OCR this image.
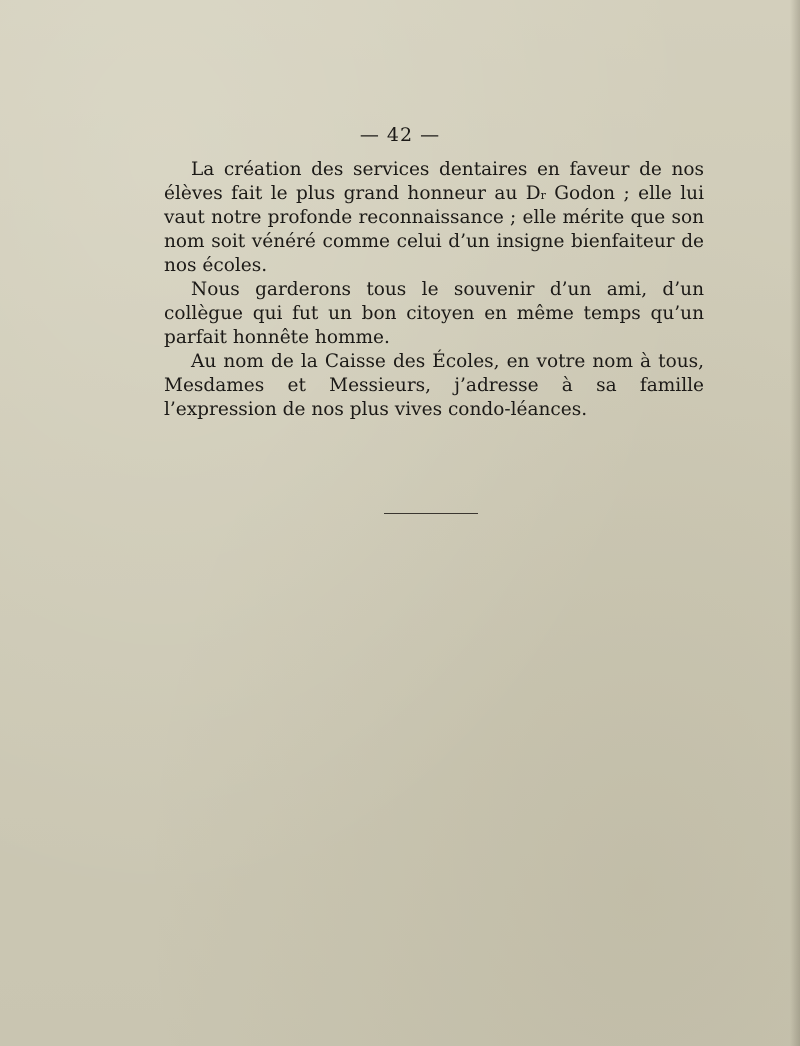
— 42 —

La création des services dentaires en faveur de nos élèves fait le plus grand honneur au $D^r$ Godon ; elle lui vaut notre profonde reconnaissance ; elle mérite que son nom soit vénéré comme celui d’un insigne bienfaiteur de nos écoles.

Nous garderons tous le souvenir d’un ami, d’un collègue qui fut un bon citoyen en même temps qu’un parfait honnête homme.

Au nom de la Caisse des Écoles, en votre nom à tous, Mesdames et Messieurs, j’adresse à sa famille l’expression de nos plus vives condo-léances.
